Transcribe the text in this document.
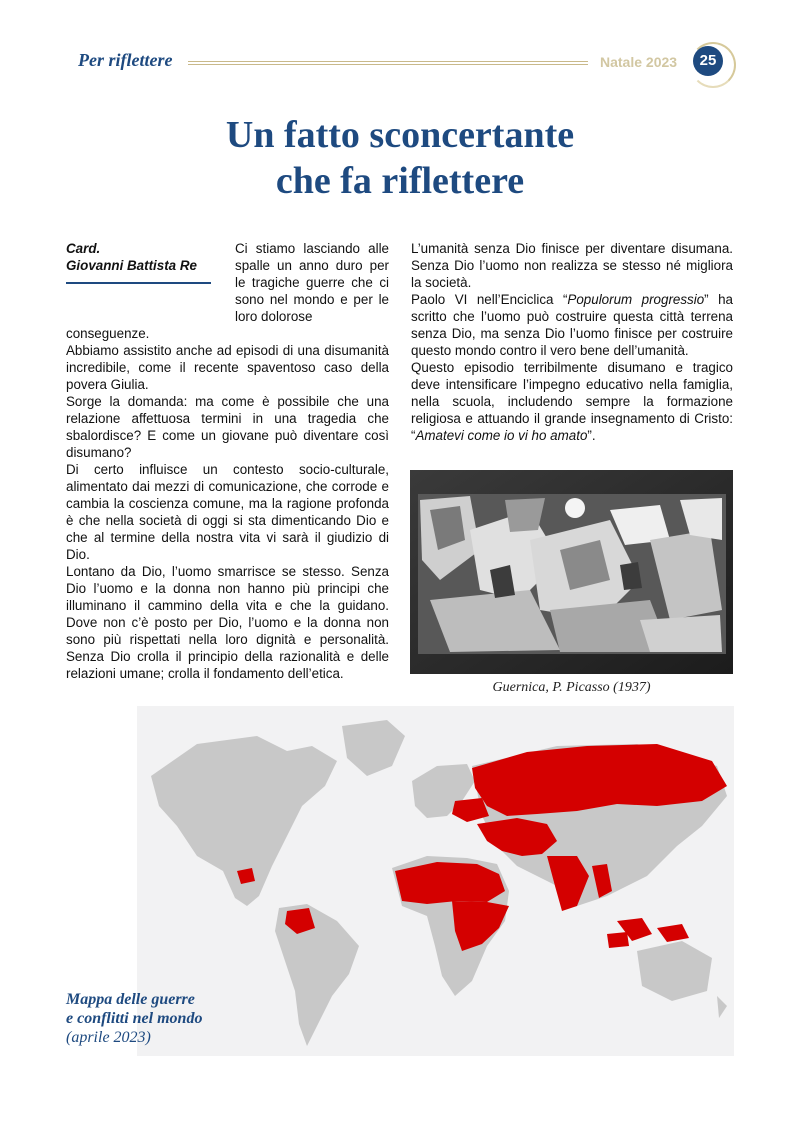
Per riflettere	Natale 2023	25
Un fatto sconcertante
che fa riflettere
Card.
Giovanni Battista Re
Ci stiamo lasciando alle spalle un anno duro per le tragiche guerre che ci sono nel mondo e per le loro dolorose

conseguenze.

Abbiamo assistito anche ad episodi di una disumanità incredibile, come il recente spaventoso caso della povera Giulia.

Sorge la domanda: ma come è possibile che una relazione affettuosa termini in una tragedia che sbalordisce? E come un giovane può diventare così disumano?

Di certo influisce un contesto socio-culturale, alimentato dai mezzi di comunicazione, che corrode e cambia la coscienza comune, ma la ragione profonda è che nella società di oggi si sta dimenticando Dio e che al termine della nostra vita vi sarà il giudizio di Dio.

Lontano da Dio, l’uomo smarrisce se stesso. Senza Dio l’uomo e la donna non hanno più principi che illuminano il cammino della vita e che la guidano. Dove non c’è posto per Dio, l’uomo e la donna non sono più rispettati nella loro dignità e personalità. Senza Dio crolla il principio della razionalità e delle relazioni umane; crolla il fondamento dell’etica.

L’umanità senza Dio finisce per diventare disumana. Senza Dio l’uomo non realizza se stesso né migliora la società.

Paolo VI nell’Enciclica “Populorum progressio” ha scritto che l’uomo può costruire questa città terrena senza Dio, ma senza Dio l’uomo finisce per costruire questo mondo contro il vero bene dell’umanità.

Questo episodio terribilmente disumano e tragico deve intensificare l’impegno educativo nella famiglia, nella scuola, includendo sempre la formazione religiosa e attuando il grande insegnamento di Cristo: “Amatevi come io vi ho amato”.

Guernica, P. Picasso (1937)
Mappa delle guerre
e conflitti nel mondo
(aprile 2023)
